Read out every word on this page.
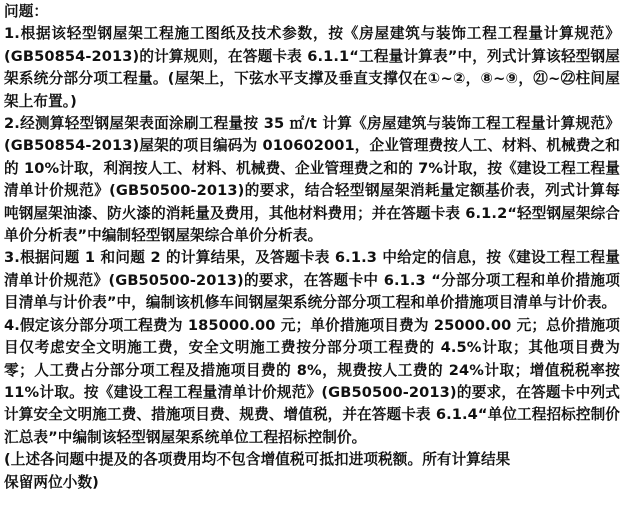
问题：

1.根据该轻型钢屋架工程施工图纸及技术参数，按《房屋建筑与装饰工程工程量计算规范》(GB50854-2013)的计算规则，在答题卡表 6.1.1“工程量计算表”中，列式计算该轻型钢屋架系统分部分项工程量。(屋架上，下弦水平支撑及垂直支撑仅在①~②，⑧~⑨，㉑~㉒柱间屋架上布置。)

2.经测算轻型钢屋架表面涂刷工程量按 35 ㎡/t 计算《房屋建筑与装饰工程工程量计算规范》(GB50854-2013)屋架的项目编码为 010602001，企业管理费按人工、材料、机械费之和的 10%计取，利润按人工、材料、机械费、企业管理费之和的 7%计取，按《建设工程工程量清单计价规范》(GB50500-2013)的要求，结合轻型钢屋架消耗量定额基价表，列式计算每吨钢屋架油漆、防火漆的消耗量及费用，其他材料费用；并在答题卡表 6.1.2“轻型钢屋架综合单价分析表”中编制轻型钢屋架综合单价分析表。

3.根据问题 1 和问题 2 的计算结果，及答题卡表 6.1.3 中给定的信息，按《建设工程工程量清单计价规范》(GB50500-2013)的要求，在答题卡中 6.1.3 “分部分项工程和单价措施项目清单与计价表”中，编制该机修车间钢屋架系统分部分项工程和单价措施项目清单与计价表。

4.假定该分部分项工程费为 185000.00 元；单价措施项目费为 25000.00 元；总价措施项目仅考虑安全文明施工费，安全文明施工费按分部分项工程费的 4.5%计取；其他项目费为零；人工费占分部分项工程及措施项目费的 8%，规费按人工费的 24%计取；增值税税率按 11%计取。按《建设工程工程量清单计价规范》(GB50500-2013)的要求，在答题卡中列式计算安全文明施工费、措施项目费、规费、增值税，并在答题卡表 6.1.4“单位工程招标控制价汇总表”中编制该轻型钢屋架系统单位工程招标控制价。

(上述各问题中提及的各项费用均不包含增值税可抵扣进项税额。所有计算结果

保留两位小数)
